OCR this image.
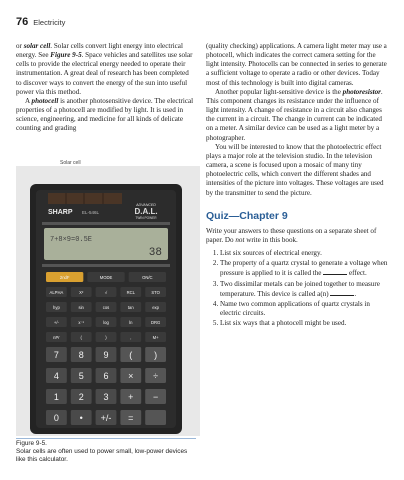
76 Electricity

or solar cell. Solar cells convert light energy into electrical energy. See Figure 9-5. Space vehicles and satellites use solar cells to provide the electrical energy needed to operate their instrumentation. A great deal of research has been completed to discover ways to convert the energy of the sun into useful power via this method.

A photocell is another photosensitive device. The electrical properties of a photocell are modified by light. It is used in science, engineering, and medicine for all kinds of delicate counting and grading

Solar cell
SHARP EL-546L
ADVANCED
D.A.L.
TWIN POWER
7+8×9=0.5E
38
2ndF	MODE	ON/C
ALPHA	X²	√	RCL	STO
hyp	sin	cos	tan	exp
+/-	x⁻¹	log	ln	DRG
nPr	(	)	,	M+
7 8 9 ( )
4 5 6 × ÷
1 2 3 + −
0 • +/- =
Figure 9-5.
Solar cells are often used to power small, low-power devices like this calculator.

(quality checking) applications. A camera light meter may use a photocell, which indicates the correct camera setting for the light intensity. Photocells can be connected in series to generate a sufficient voltage to operate a radio or other devices. Today most of this technology is built into digital cameras.

Another popular light-sensitive device is the photoresistor. This component changes its resistance under the influence of light intensity. A change of resistance in a circuit also changes the current in a circuit. The change in current can be indicated on a meter. A similar device can be used as a light meter by a photographer.

You will be interested to know that the photoelectric effect plays a major role at the television studio. In the television camera, a scene is focused upon a mosaic of many tiny photoelectric cells, which convert the different shades and intensities of the picture into voltages. These voltages are used by the transmitter to send the picture.

Quiz—Chapter 9

Write your answers to these questions on a separate sheet of paper. Do not write in this book.

1. List six sources of electrical energy.
2. The property of a quartz crystal to generate a voltage when pressure is applied to it is called the	effect.
3. Two dissimilar metals can be joined together to measure temperature. This device is called a(n)	.
4. Name two common applications of quartz crystals in electric circuits.
5. List six ways that a photocell might be used.
